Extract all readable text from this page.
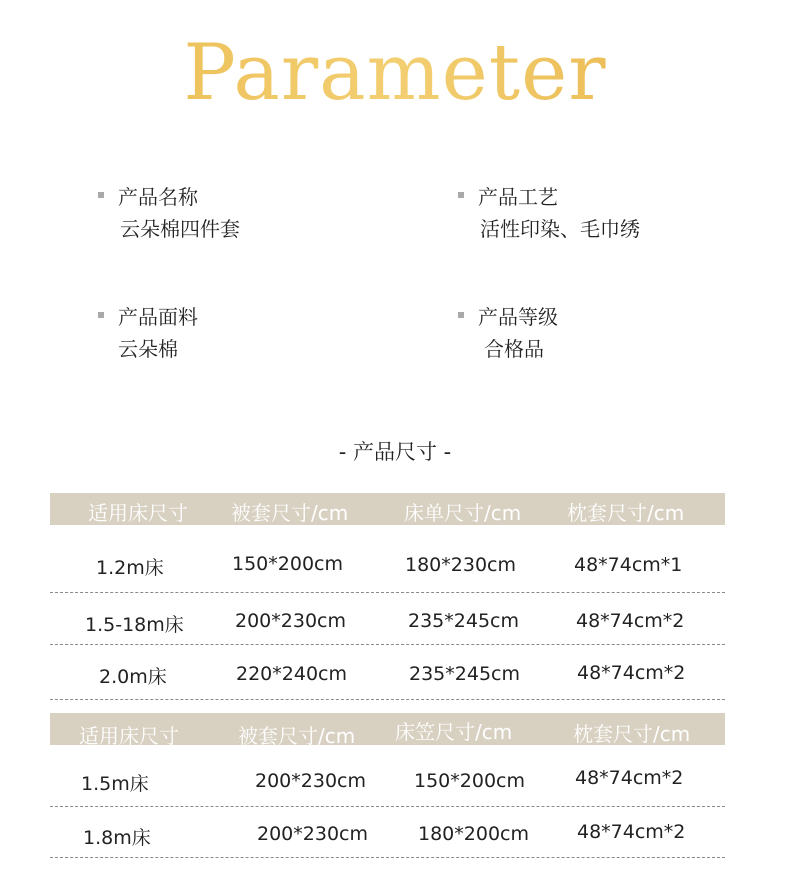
Parameter
产品名称
云朵棉四件套
产品工艺
活性印染、毛巾绣
产品面料
云朵棉
产品等级
合格品
- 产品尺寸 -
适用床尺寸 被套尺寸/cm	床单尺寸/cm 枕套尺寸/cm
1.2m床	150*200cm	180*230cm	48*74cm*1
1.5-18m床	200*230cm	235*245cm	48*74cm*2
2.0m床	220*240cm	235*245cm	48*74cm*2
适用床尺寸	被套尺寸/cm 床笠尺寸/cm	枕套尺寸/cm
1.5m床	200*230cm	150*200cm	48*74cm*2
1.8m床	200*230cm	180*200cm	48*74cm*2
